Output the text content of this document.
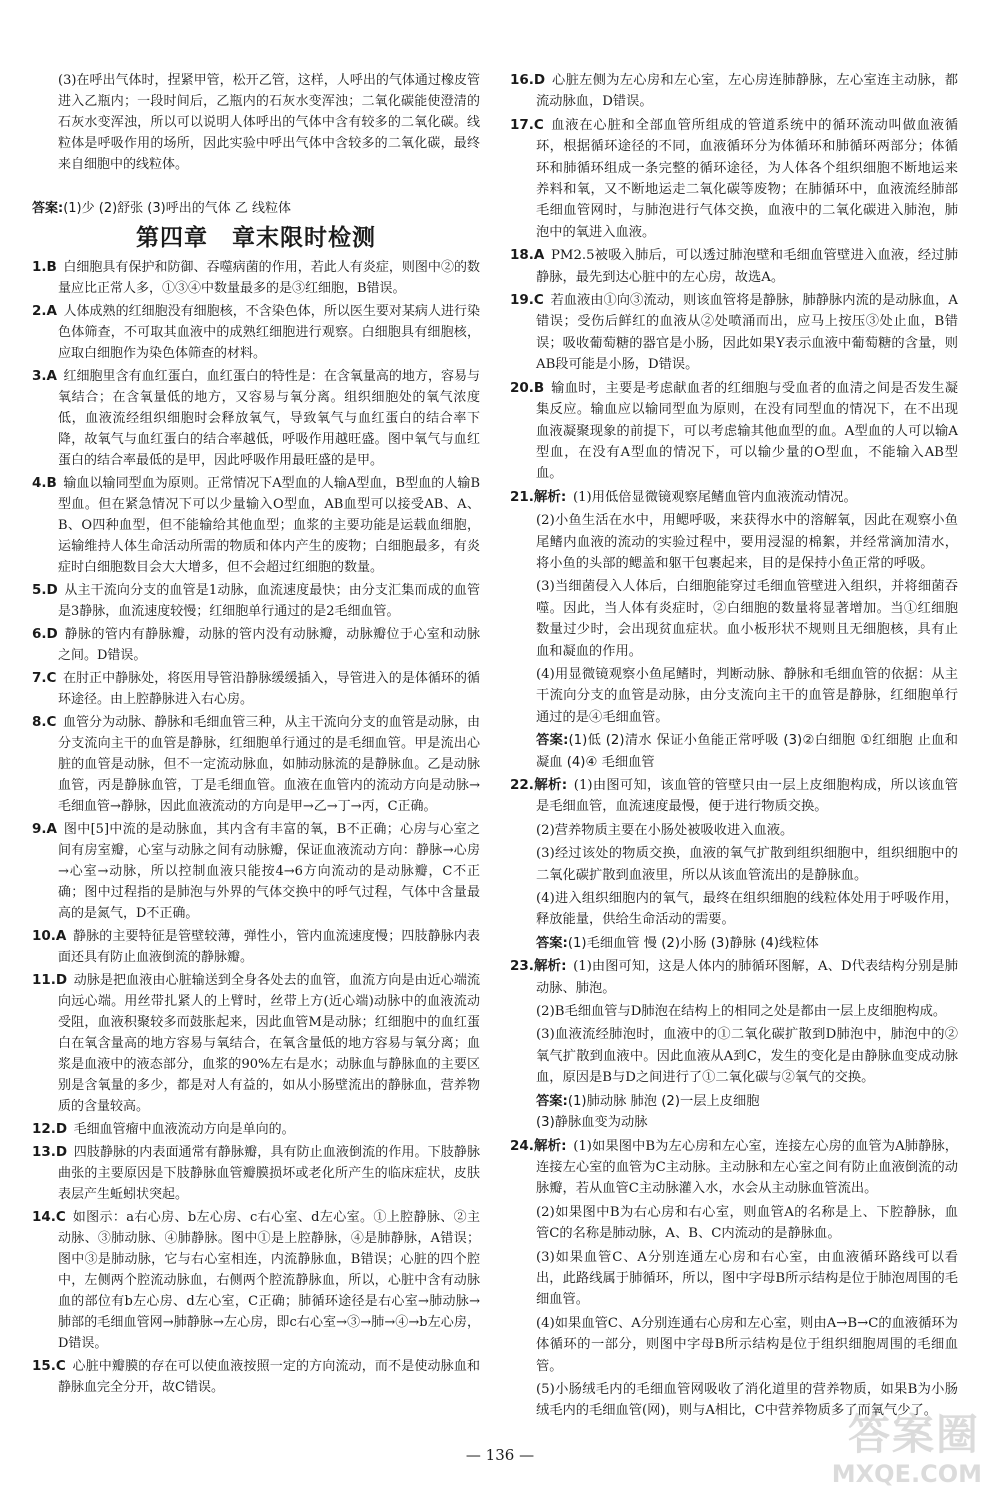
(3)在呼出气体时，捏紧甲管，松开乙管，这样，人呼出的气体通过橡皮管进入乙瓶内；一段时间后，乙瓶内的石灰水变浑浊；二氧化碳能使澄清的石灰水变浑浊，所以可以说明人体呼出的气体中含有较多的二氧化碳。线粒体是呼吸作用的场所，因此实验中呼出气体中含较多的二氧化碳，最终来自细胞中的线粒体。

答案:(1)少 (2)舒张 (3)呼出的气体 乙 线粒体

第四章　章末限时检测
1.B  白细胞具有保护和防御、吞噬病菌的作用，若此人有炎症，则图中②的数量应比正常人多，①③④中数量最多的是③红细胞，B错误。
2.A  人体成熟的红细胞没有细胞核，不含染色体，所以医生要对某病人进行染色体筛查，不可取其血液中的成熟红细胞进行观察。白细胞具有细胞核，应取白细胞作为染色体筛查的材料。
3.A  红细胞里含有血红蛋白，血红蛋白的特性是：在含氧量高的地方，容易与氧结合；在含氧量低的地方，又容易与氧分离。组织细胞处的氧气浓度低，血液流经组织细胞时会释放氧气，导致氧气与血红蛋白的结合率下降，故氧气与血红蛋白的结合率越低，呼吸作用越旺盛。图中氧气与血红蛋白的结合率最低的是甲，因此呼吸作用最旺盛的是甲。
4.B  输血以输同型血为原则。正常情况下A型血的人输A型血，B型血的人输B型血。但在紧急情况下可以少量输入O型血，AB血型可以接受AB、A、B、O四种血型，但不能输给其他血型；血浆的主要功能是运载血细胞，运输维持人体生命活动所需的物质和体内产生的废物；白细胞最多，有炎症时白细胞数目会大大增多，但不会超过红细胞的数量。
5.D  从主干流向分支的血管是1动脉，血流速度最快；由分支汇集而成的血管是3静脉，血流速度较慢；红细胞单行通过的是2毛细血管。
6.D  静脉的管内有静脉瓣，动脉的管内没有动脉瓣，动脉瓣位于心室和动脉之间。D错误。
7.C  在肘正中静脉处，将医用导管沿静脉缓缓插入，导管进入的是体循环的循环途径。由上腔静脉进入右心房。
8.C  血管分为动脉、静脉和毛细血管三种，从主干流向分支的血管是动脉，由分支流向主干的血管是静脉，红细胞单行通过的是毛细血管。甲是流出心脏的血管是动脉，但不一定流动脉血，如肺动脉流的是静脉血。乙是动脉血管，丙是静脉血管，丁是毛细血管。血液在血管内的流动方向是动脉→毛细血管→静脉，因此血液流动的方向是甲→乙→丁→丙，C正确。
9.A  图中[5]中流的是动脉血，其内含有丰富的氧，B不正确；心房与心室之间有房室瓣，心室与动脉之间有动脉瓣，保证血液流动方向：静脉→心房→心室→动脉，所以控制血液只能按4→6方向流动的是动脉瓣，C不正确；图中过程指的是肺泡与外界的气体交换中的呼气过程，气体中含量最高的是氮气，D不正确。
10.A  静脉的主要特征是管壁较薄，弹性小，管内血流速度慢；四肢静脉内表面还具有防止血液倒流的静脉瓣。
11.D  动脉是把血液由心脏输送到全身各处去的血管，血流方向是由近心端流向远心端。用丝带扎紧人的上臂时，丝带上方(近心端)动脉中的血液流动受阻，血液积聚较多而鼓胀起来，因此血管M是动脉；红细胞中的血红蛋白在氧含量高的地方容易与氧结合，在氧含量低的地方容易与氧分离；血浆是血液中的液态部分，血浆的90%左右是水；动脉血与静脉血的主要区别是含氧量的多少，都是对人有益的，如从小肠壁流出的静脉血，营养物质的含量较高。
12.D  毛细血管瘤中血液流动方向是单向的。
13.D  四肢静脉的内表面通常有静脉瓣，具有防止血液倒流的作用。下肢静脉曲张的主要原因是下肢静脉血管瓣膜损坏或老化所产生的临床症状，皮肤表层产生蚯蚓状突起。
14.C  如图示：a右心房、b左心房、c右心室、d左心室。①上腔静脉、②主动脉、③肺动脉、④肺静脉。图中①是上腔静脉，④是肺静脉，A错误；图中③是肺动脉，它与右心室相连，内流静脉血，B错误；心脏的四个腔中，左侧两个腔流动脉血，右侧两个腔流静脉血，所以，心脏中含有动脉血的部位有b左心房、d左心室，C正确；肺循环途径是右心室→肺动脉→肺部的毛细血管网→肺静脉→左心房，即c右心室→③→肺→④→b左心房，D错误。
15.C  心脏中瓣膜的存在可以使血液按照一定的方向流动，而不是使动脉血和静脉血完全分开，故C错误。
16.D  心脏左侧为左心房和左心室，左心房连肺静脉，左心室连主动脉，都流动脉血，D错误。
17.C  血液在心脏和全部血管所组成的管道系统中的循环流动叫做血液循环，根据循环途径的不同，血液循环分为体循环和肺循环两部分；体循环和肺循环组成一条完整的循环途径，为人体各个组织细胞不断地运来养料和氧，又不断地运走二氧化碳等废物；在肺循环中，血液流经肺部毛细血管网时，与肺泡进行气体交换，血液中的二氧化碳进入肺泡，肺泡中的氧进入血液。
18.A  PM2.5被吸入肺后，可以透过肺泡壁和毛细血管壁进入血液，经过肺静脉，最先到达心脏中的左心房，故选A。
19.C  若血液由①向③流动，则该血管将是静脉，肺静脉内流的是动脉血，A错误；受伤后鲜红的血液从②处喷涌而出，应马上按压③处止血，B错误；吸收葡萄糖的器官是小肠，因此如果Y表示血液中葡萄糖的含量，则AB段可能是小肠，D错误。
20.B  输血时，主要是考虑献血者的红细胞与受血者的血清之间是否发生凝集反应。输血应以输同型血为原则，在没有同型血的情况下，在不出现血液凝聚现象的前提下，可以考虑输其他血型的血。A型血的人可以输A型血，在没有A型血的情况下，可以输少量的O型血，不能输入AB型血。
21.解析:  (1)用低倍显微镜观察尾鳍血管内血液流动情况。
(2)小鱼生活在水中，用鳃呼吸，来获得水中的溶解氧，因此在观察小鱼尾鳍内血液的流动的实验过程中，要用浸湿的棉絮，并经常滴加清水，将小鱼的头部的鳃盖和躯干包裹起来，目的是保持小鱼正常的呼吸。
(3)当细菌侵入人体后，白细胞能穿过毛细血管壁进入组织，并将细菌吞噬。因此，当人体有炎症时，②白细胞的数量将显著增加。当①红细胞数量过少时，会出现贫血症状。血小板形状不规则且无细胞核，具有止血和凝血的作用。
(4)用显微镜观察小鱼尾鳍时，判断动脉、静脉和毛细血管的依据：从主干流向分支的血管是动脉，由分支流向主干的血管是静脉，红细胞单行通过的是④毛细血管。
答案:(1)低 (2)清水 保证小鱼能正常呼吸 (3)②白细胞 ①红细胞 止血和凝血 (4)④ 毛细血管
22.解析:  (1)由图可知，该血管的管壁只由一层上皮细胞构成，所以该血管是毛细血管，血流速度最慢，便于进行物质交换。
(2)营养物质主要在小肠处被吸收进入血液。
(3)经过该处的物质交换，血液的氧气扩散到组织细胞中，组织细胞中的二氧化碳扩散到血液里，所以从该血管流出的是静脉血。
(4)进入组织细胞内的氧气，最终在组织细胞的线粒体处用于呼吸作用，释放能量，供给生命活动的需要。
答案:(1)毛细血管 慢 (2)小肠 (3)静脉 (4)线粒体
23.解析:  (1)由图可知，这是人体内的肺循环图解，A、D代表结构分别是肺动脉、肺泡。
(2)B毛细血管与D肺泡在结构上的相同之处是都由一层上皮细胞构成。
(3)血液流经肺泡时，血液中的①二氧化碳扩散到D肺泡中，肺泡中的②氧气扩散到血液中。因此血液从A到C，发生的变化是由静脉血变成动脉血，原因是B与D之间进行了①二氧化碳与②氧气的交换。
答案:(1)肺动脉 肺泡 (2)一层上皮细胞
(3)静脉血变为动脉
24.解析:  (1)如果图中B为左心房和左心室，连接左心房的血管为A肺静脉，连接左心室的血管为C主动脉。主动脉和左心室之间有防止血液倒流的动脉瓣，若从血管C主动脉灌入水，水会从主动脉血管流出。
(2)如果图中B为右心房和右心室，则血管A的名称是上、下腔静脉，血管C的名称是肺动脉，A、B、C内流动的是静脉血。
(3)如果血管C、A分别连通左心房和右心室，由血液循环路线可以看出，此路线属于肺循环，所以，图中字母B所示结构是位于肺泡周围的毛细血管。
(4)如果血管C、A分别连通右心房和左心室，则由A→B→C的血液循环为体循环的一部分，则图中字母B所示结构是位于组织细胞周围的毛细血管。
(5)小肠绒毛内的毛细血管网吸收了消化道里的营养物质，如果B为小肠绒毛内的毛细血管(网)，则与A相比，C中营养物质多了而氧气少了。
— 136 —	答案圈
MXQE.COM
